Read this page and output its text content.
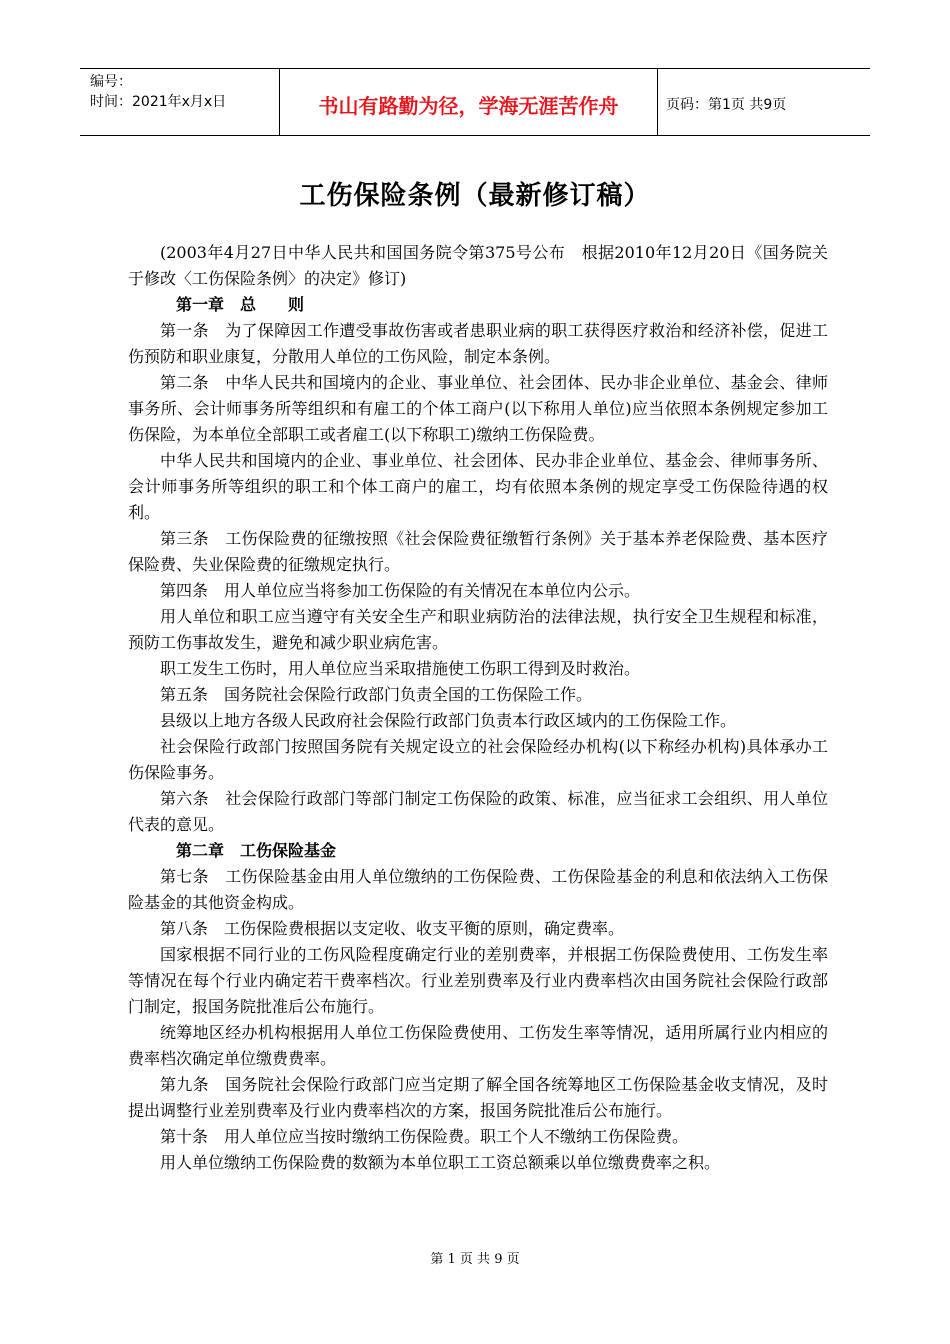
编号：
时间：2021年x月x日	书山有路勤为径，学海无涯苦作舟	页码：第1页 共9页
工伤保险条例（最新修订稿）

(2003年4月27日中华人民共和国国务院令第375号公布　根据2010年12月20日《国务院关于修改〈工伤保险条例〉的决定》修订)

第一章　总　　则

第一条　为了保障因工作遭受事故伤害或者患职业病的职工获得医疗救治和经济补偿，促进工伤预防和职业康复，分散用人单位的工伤风险，制定本条例。

第二条　中华人民共和国境内的企业、事业单位、社会团体、民办非企业单位、基金会、律师事务所、会计师事务所等组织和有雇工的个体工商户(以下称用人单位)应当依照本条例规定参加工伤保险，为本单位全部职工或者雇工(以下称职工)缴纳工伤保险费。

中华人民共和国境内的企业、事业单位、社会团体、民办非企业单位、基金会、律师事务所、会计师事务所等组织的职工和个体工商户的雇工，均有依照本条例的规定享受工伤保险待遇的权利。

第三条　工伤保险费的征缴按照《社会保险费征缴暂行条例》关于基本养老保险费、基本医疗保险费、失业保险费的征缴规定执行。

第四条　用人单位应当将参加工伤保险的有关情况在本单位内公示。

用人单位和职工应当遵守有关安全生产和职业病防治的法律法规，执行安全卫生规程和标准，预防工伤事故发生，避免和减少职业病危害。

职工发生工伤时，用人单位应当采取措施使工伤职工得到及时救治。

第五条　国务院社会保险行政部门负责全国的工伤保险工作。

县级以上地方各级人民政府社会保险行政部门负责本行政区域内的工伤保险工作。

社会保险行政部门按照国务院有关规定设立的社会保险经办机构(以下称经办机构)具体承办工伤保险事务。

第六条　社会保险行政部门等部门制定工伤保险的政策、标准，应当征求工会组织、用人单位代表的意见。

第二章　工伤保险基金

第七条　工伤保险基金由用人单位缴纳的工伤保险费、工伤保险基金的利息和依法纳入工伤保险基金的其他资金构成。

第八条　工伤保险费根据以支定收、收支平衡的原则，确定费率。

国家根据不同行业的工伤风险程度确定行业的差别费率，并根据工伤保险费使用、工伤发生率等情况在每个行业内确定若干费率档次。行业差别费率及行业内费率档次由国务院社会保险行政部门制定，报国务院批准后公布施行。

统筹地区经办机构根据用人单位工伤保险费使用、工伤发生率等情况，适用所属行业内相应的费率档次确定单位缴费费率。

第九条　国务院社会保险行政部门应当定期了解全国各统筹地区工伤保险基金收支情况，及时提出调整行业差别费率及行业内费率档次的方案，报国务院批准后公布施行。

第十条　用人单位应当按时缴纳工伤保险费。职工个人不缴纳工伤保险费。

用人单位缴纳工伤保险费的数额为本单位职工工资总额乘以单位缴费费率之积。

第 1 页 共 9 页
